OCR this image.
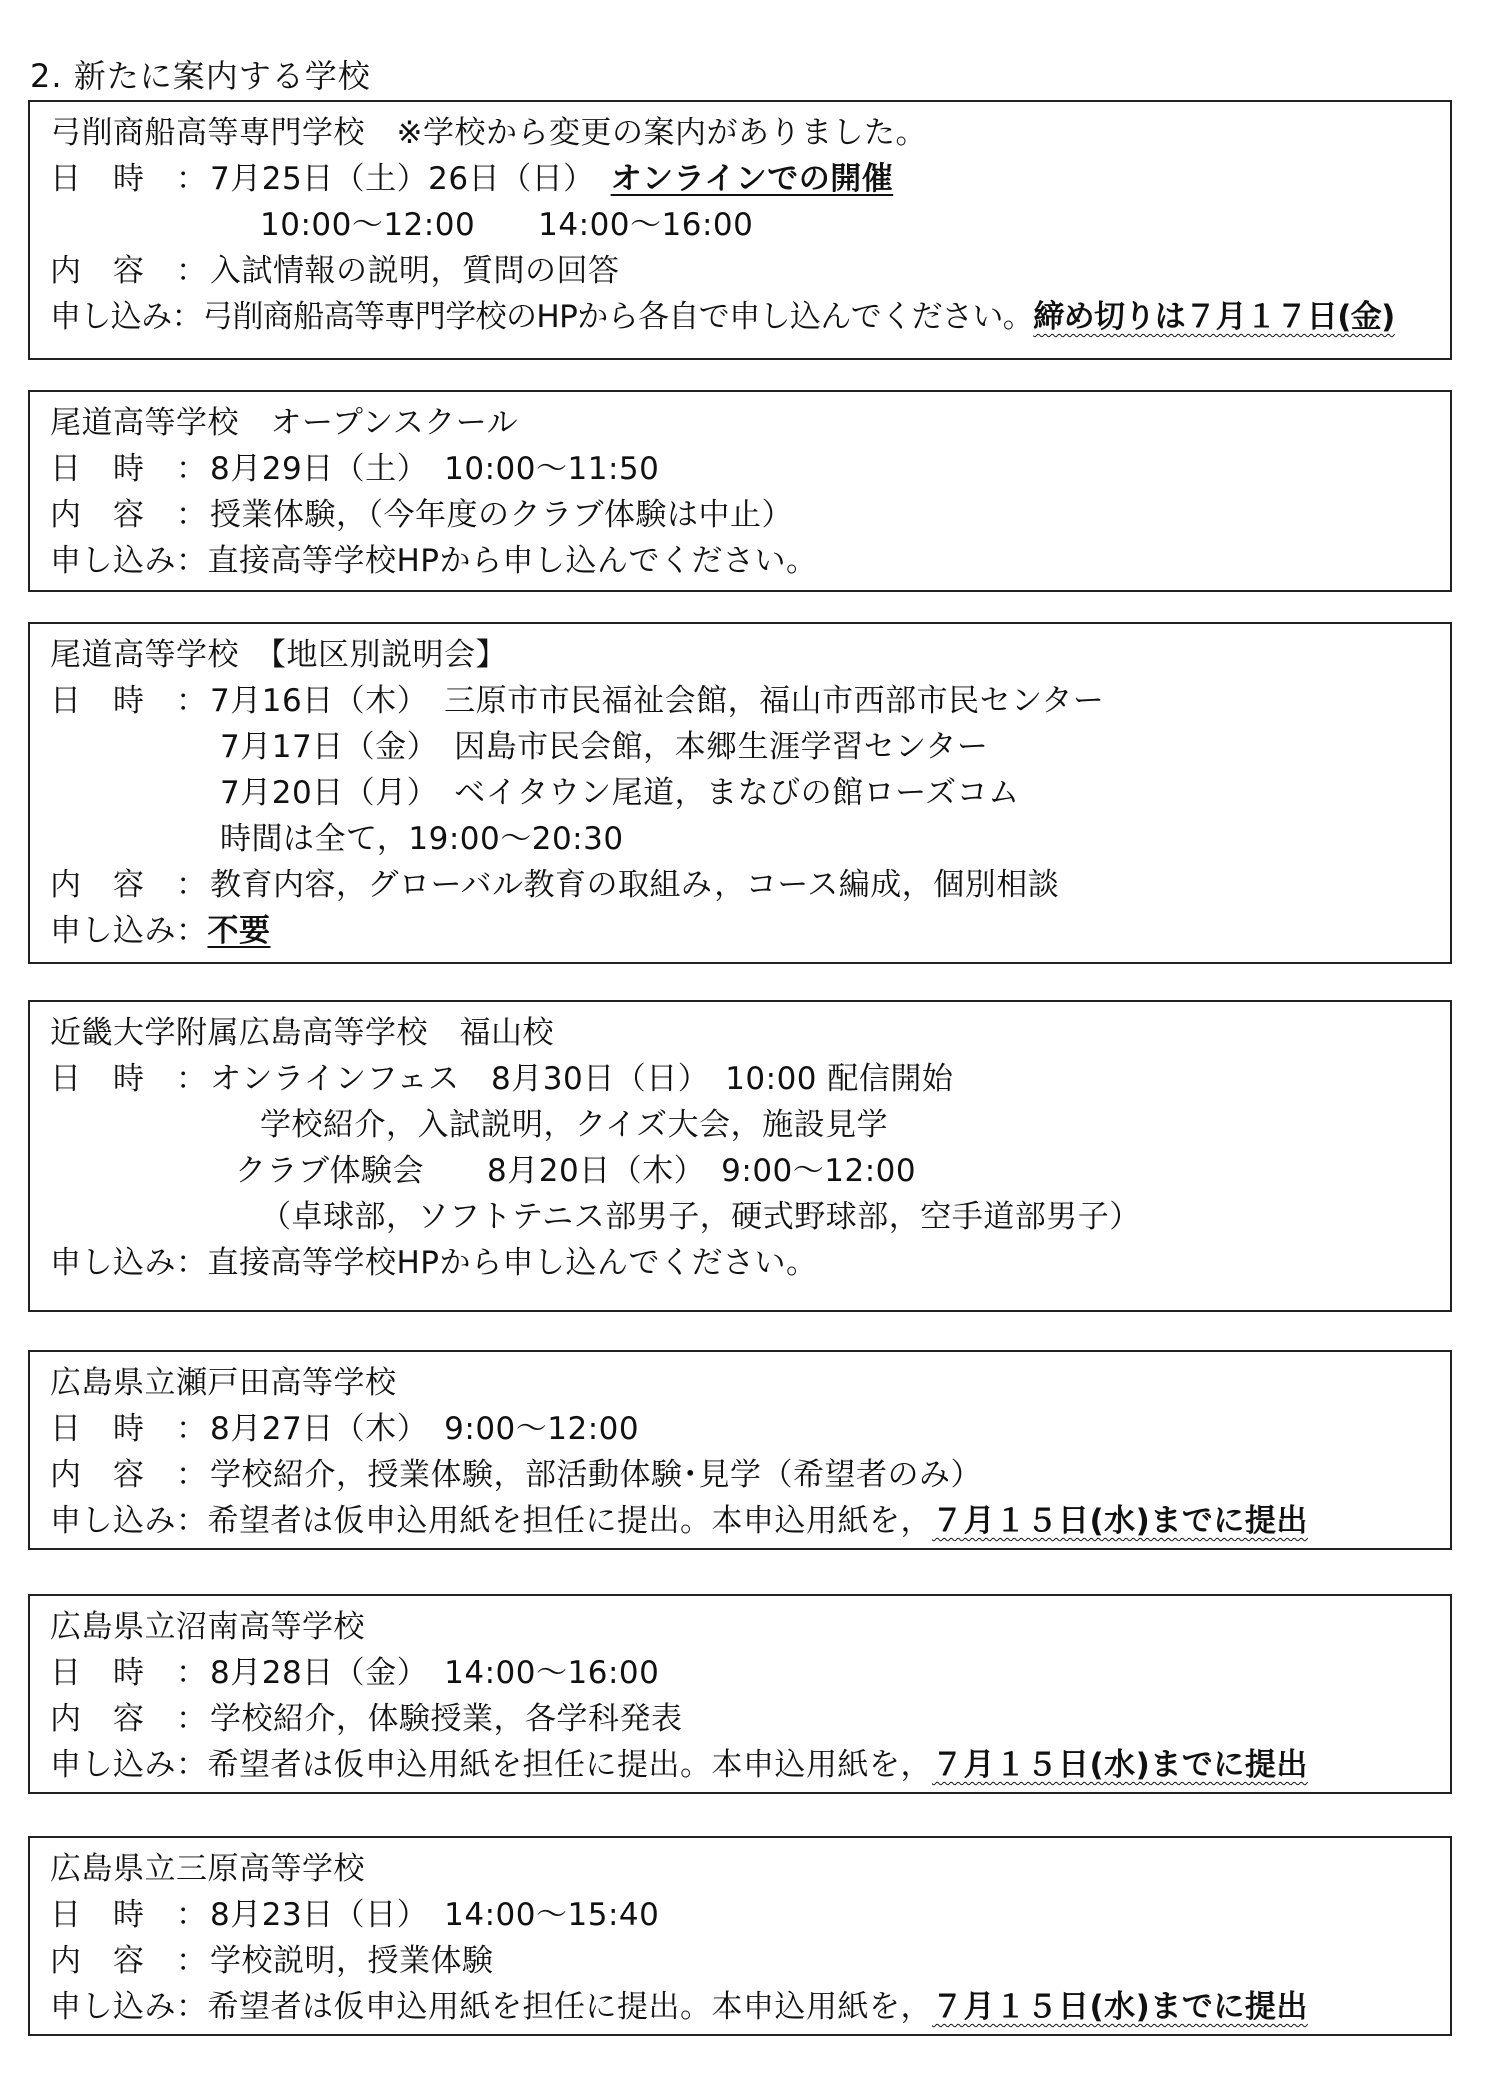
2. 新たに案内する学校
弓削商船高等専門学校　※学校から変更の案内がありました。
日　時　：7月25日（土）26日（日）　オンラインでの開催
10:00〜12:00　　14:00〜16:00
内　容　：入試情報の説明，質問の回答
申し込み：弓削商船高等専門学校のHPから各自で申し込んでください。締め切りは７月１７日(金)
尾道高等学校　オープンスクール
日　時　：8月29日（土）　10:00〜11:50
内　容　：授業体験，（今年度のクラブ体験は中止）
申し込み：直接高等学校HPから申し込んでください。
尾道高等学校　【地区別説明会】
日　時　：7月16日（木）　三原市市民福祉会館，福山市西部市民センター
7月17日（金）　因島市民会館，本郷生涯学習センター
7月20日（月）　ベイタウン尾道，まなびの館ローズコム
時間は全て，19:00〜20:30
内　容　：教育内容，グローバル教育の取組み，コース編成，個別相談
申し込み：不要
近畿大学附属広島高等学校　福山校
日　時　：オンラインフェス　8月30日（日）　10:00 配信開始
学校紹介，入試説明，クイズ大会，施設見学
クラブ体験会　　8月20日（木）　9:00〜12:00
（卓球部，ソフトテニス部男子，硬式野球部，空手道部男子）
申し込み：直接高等学校HPから申し込んでください。
広島県立瀬戸田高等学校
日　時　：8月27日（木）　9:00〜12:00
内　容　：学校紹介，授業体験，部活動体験･見学（希望者のみ）
申し込み：希望者は仮申込用紙を担任に提出。本申込用紙を，７月１５日(水)までに提出
広島県立沼南高等学校
日　時　：8月28日（金）　14:00〜16:00
内　容　：学校紹介，体験授業，各学科発表
申し込み：希望者は仮申込用紙を担任に提出。本申込用紙を，７月１５日(水)までに提出
広島県立三原高等学校
日　時　：8月23日（日）　14:00〜15:40
内　容　：学校説明，授業体験
申し込み：希望者は仮申込用紙を担任に提出。本申込用紙を，７月１５日(水)までに提出
